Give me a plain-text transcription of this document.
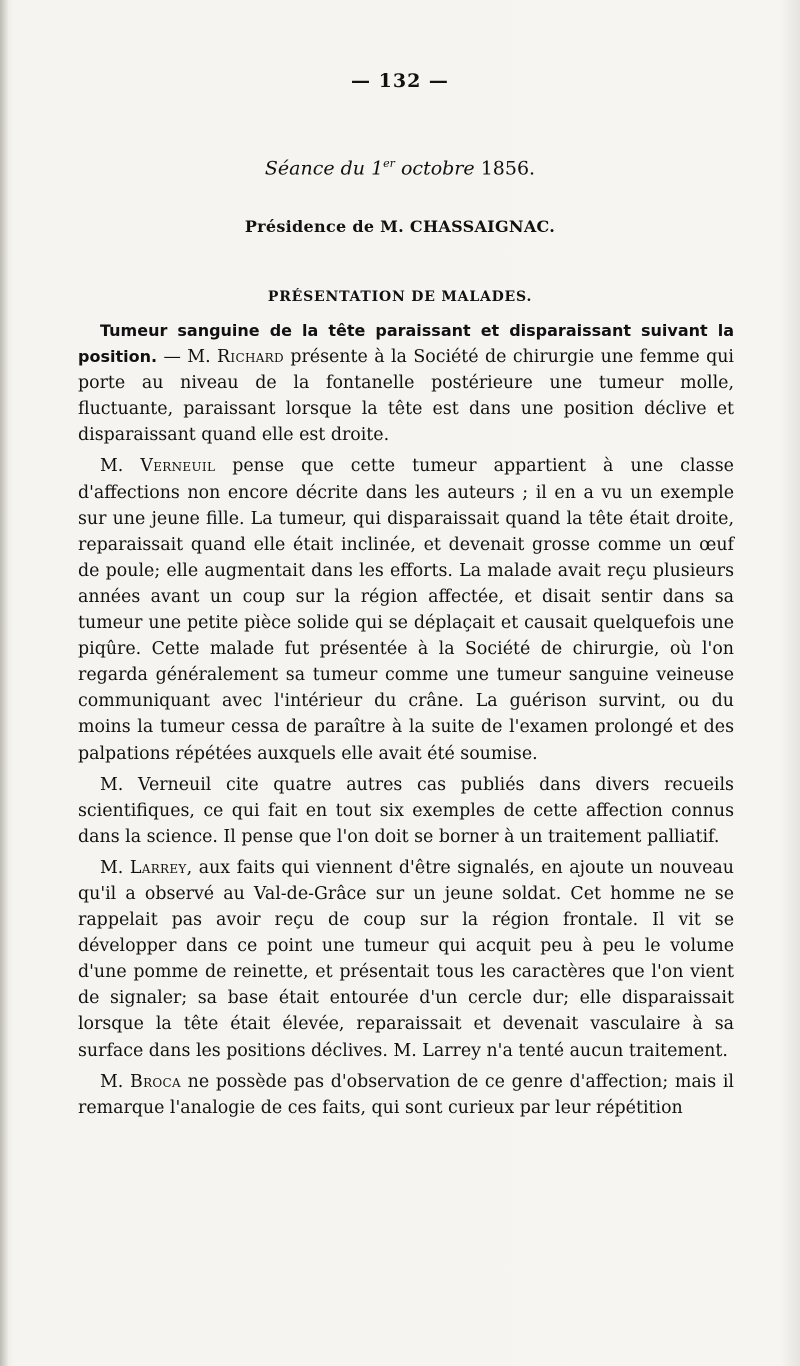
— 132 —
Séance du 1er octobre 1856.
Présidence de M. CHASSAIGNAC.
PRÉSENTATION DE MALADES.

Tumeur sanguine de la tête paraissant et disparaissant suivant la position. — M. Richard présente à la Société de chirurgie une femme qui porte au niveau de la fontanelle postérieure une tumeur molle, fluctuante, paraissant lorsque la tête est dans une position déclive et disparaissant quand elle est droite.

M. Verneuil pense que cette tumeur appartient à une classe d'affections non encore décrite dans les auteurs ; il en a vu un exemple sur une jeune fille. La tumeur, qui disparaissait quand la tête était droite, reparaissait quand elle était inclinée, et devenait grosse comme un œuf de poule; elle augmentait dans les efforts. La malade avait reçu plusieurs années avant un coup sur la région affectée, et disait sentir dans sa tumeur une petite pièce solide qui se déplaçait et causait quelquefois une piqûre. Cette malade fut présentée à la Société de chirurgie, où l'on regarda généralement sa tumeur comme une tumeur sanguine veineuse communiquant avec l'intérieur du crâne. La guérison survint, ou du moins la tumeur cessa de paraître à la suite de l'examen prolongé et des palpations répétées auxquels elle avait été soumise.

M. Verneuil cite quatre autres cas publiés dans divers recueils scientifiques, ce qui fait en tout six exemples de cette affection connus dans la science. Il pense que l'on doit se borner à un traitement palliatif.

M. Larrey, aux faits qui viennent d'être signalés, en ajoute un nouveau qu'il a observé au Val-de-Grâce sur un jeune soldat. Cet homme ne se rappelait pas avoir reçu de coup sur la région frontale. Il vit se développer dans ce point une tumeur qui acquit peu à peu le volume d'une pomme de reinette, et présentait tous les caractères que l'on vient de signaler; sa base était entourée d'un cercle dur; elle disparaissait lorsque la tête était élevée, reparaissait et devenait vasculaire à sa surface dans les positions déclives. M. Larrey n'a tenté aucun traitement.

M. Broca ne possède pas d'observation de ce genre d'affection; mais il remarque l'analogie de ces faits, qui sont curieux par leur répétition
